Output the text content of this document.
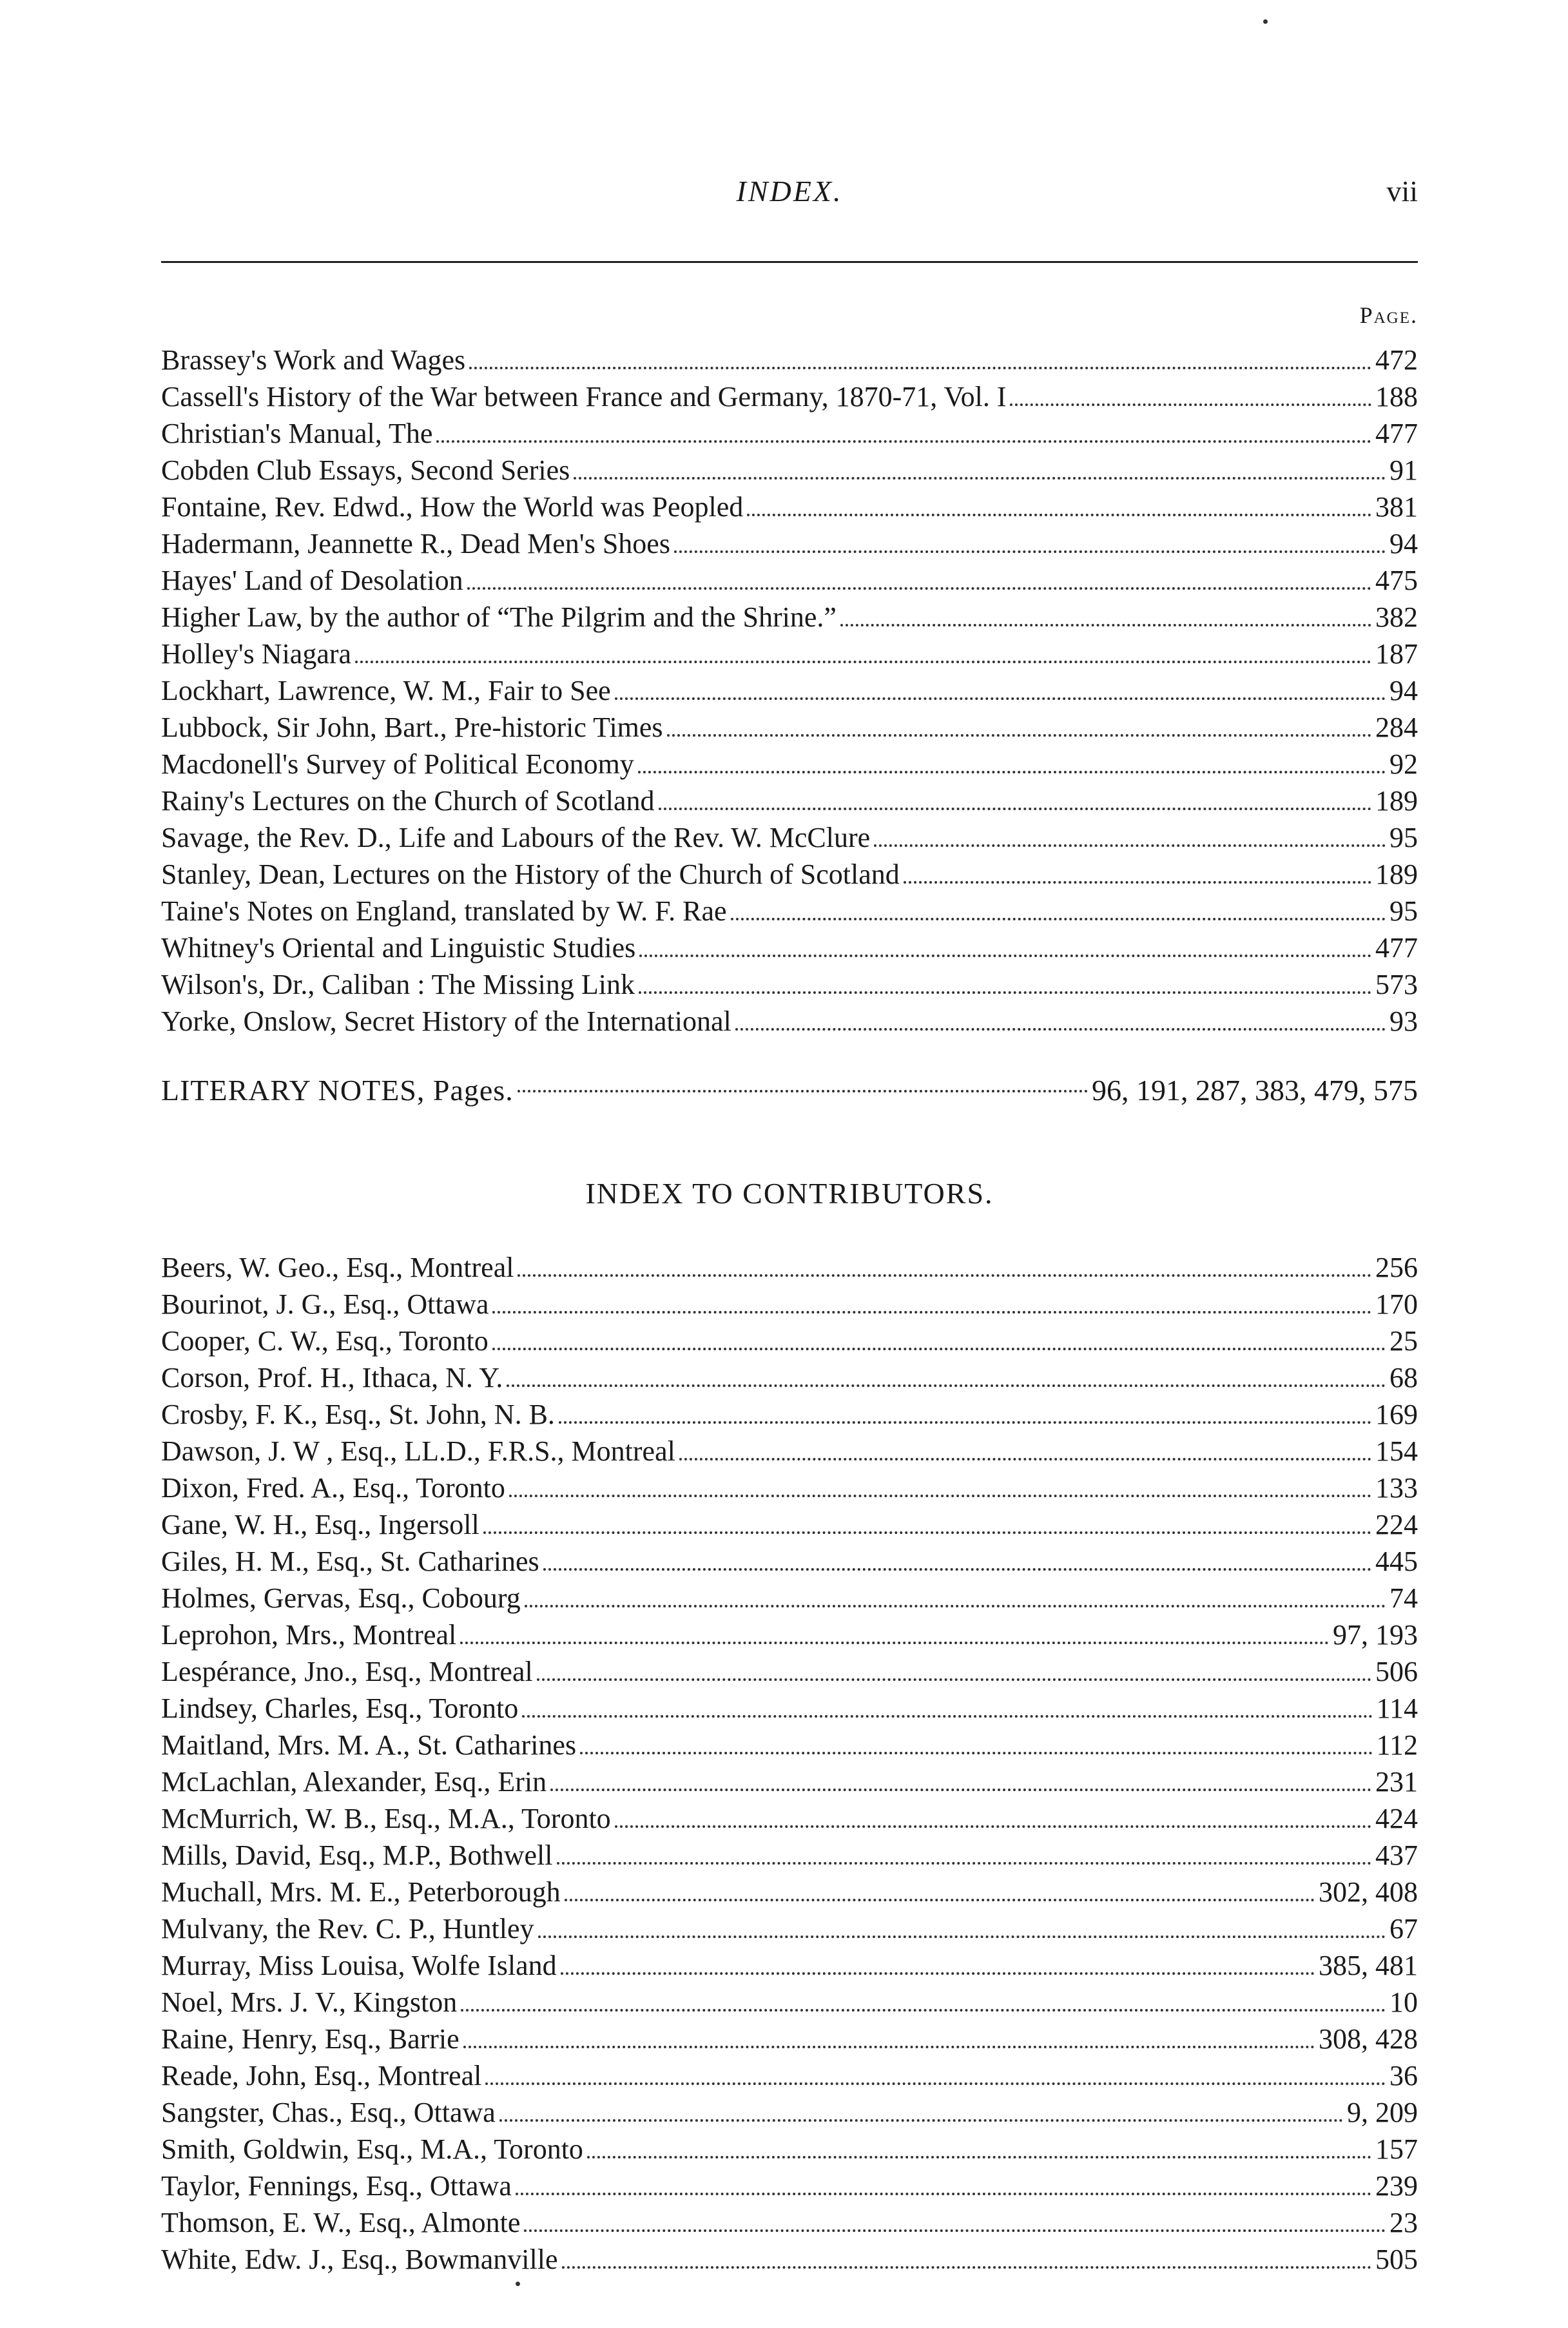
INDEX.	vii
Page.
Brassey's Work and Wages	472
Cassell's History of the War between France and Germany, 1870-71, Vol. I	188
Christian's Manual, The	477
Cobden Club Essays, Second Series	91
Fontaine, Rev. Edwd., How the World was Peopled	381
Hadermann, Jeannette R., Dead Men's Shoes	94
Hayes' Land of Desolation	475
Higher Law, by the author of “The Pilgrim and the Shrine.”	382
Holley's Niagara	187
Lockhart, Lawrence, W. M., Fair to See	94
Lubbock, Sir John, Bart., Pre-historic Times	284
Macdonell's Survey of Political Economy	92
Rainy's Lectures on the Church of Scotland	189
Savage, the Rev. D., Life and Labours of the Rev. W. McClure	95
Stanley, Dean, Lectures on the History of the Church of Scotland	189
Taine's Notes on England, translated by W. F. Rae	95
Whitney's Oriental and Linguistic Studies	477
Wilson's, Dr., Caliban : The Missing Link	573
Yorke, Onslow, Secret History of the International	93
LITERARY NOTES, Pages.	96, 191, 287, 383, 479, 575
INDEX TO CONTRIBUTORS.
Beers, W. Geo., Esq., Montreal	256
Bourinot, J. G., Esq., Ottawa	170
Cooper, C. W., Esq., Toronto	25
Corson, Prof. H., Ithaca, N. Y.	68
Crosby, F. K., Esq., St. John, N. B.	169
Dawson, J. W , Esq., LL.D., F.R.S., Montreal	154
Dixon, Fred. A., Esq., Toronto	133
Gane, W. H., Esq., Ingersoll	224
Giles, H. M., Esq., St. Catharines	445
Holmes, Gervas, Esq., Cobourg	74
Leprohon, Mrs., Montreal	97, 193
Lespérance, Jno., Esq., Montreal	506
Lindsey, Charles, Esq., Toronto	114
Maitland, Mrs. M. A., St. Catharines	112
McLachlan, Alexander, Esq., Erin	231
McMurrich, W. B., Esq., M.A., Toronto	424
Mills, David, Esq., M.P., Bothwell	437
Muchall, Mrs. M. E., Peterborough	302, 408
Mulvany, the Rev. C. P., Huntley	67
Murray, Miss Louisa, Wolfe Island	385, 481
Noel, Mrs. J. V., Kingston	10
Raine, Henry, Esq., Barrie	308, 428
Reade, John, Esq., Montreal	36
Sangster, Chas., Esq., Ottawa	9, 209
Smith, Goldwin, Esq., M.A., Toronto	157
Taylor, Fennings, Esq., Ottawa	239
Thomson, E. W., Esq., Almonte	23
White, Edw. J., Esq., Bowmanville	505
